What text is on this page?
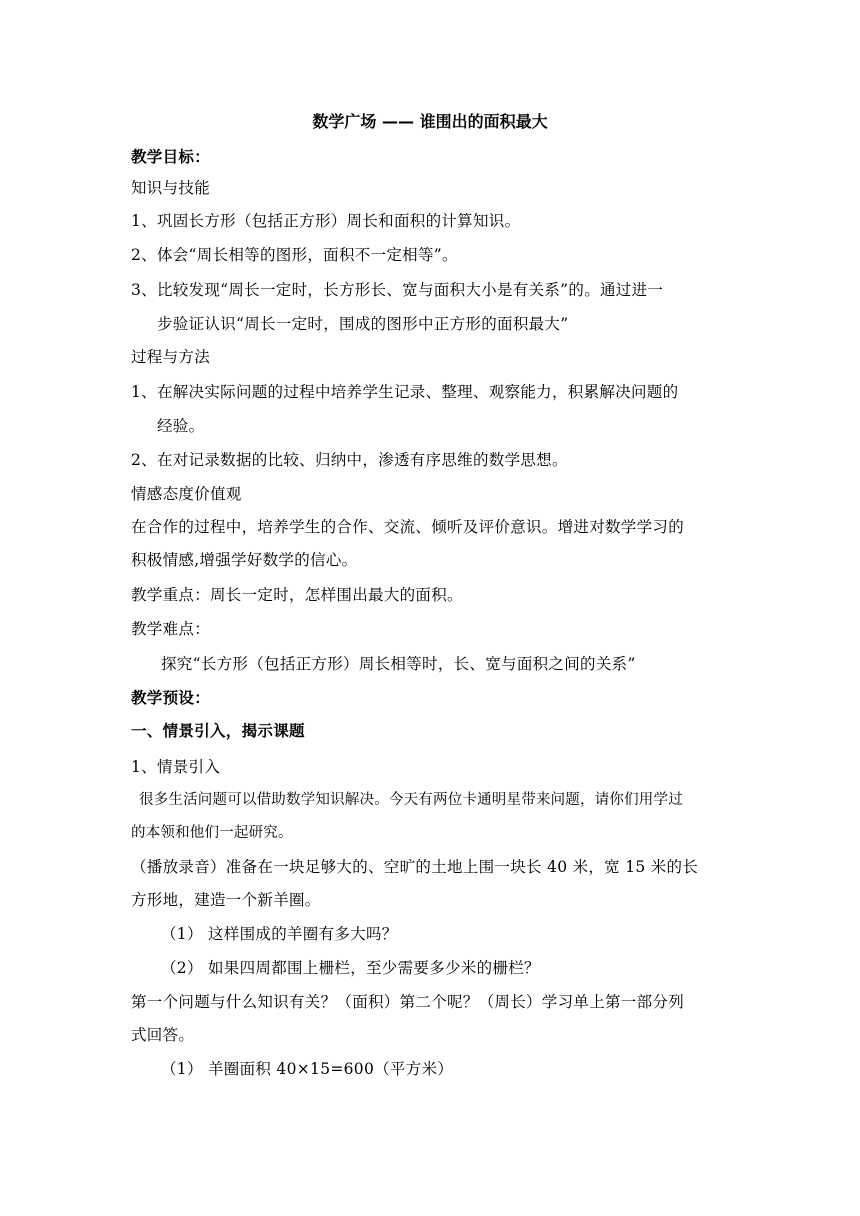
数学广场 —— 谁围出的面积最大
教学目标：
知识与技能
1、巩固长方形（包括正方形）周长和面积的计算知识。
2、体会“周长相等的图形，面积不一定相等”。
3、比较发现“周长一定时，长方形长、宽与面积大小是有关系”的。通过进一
步验证认识“周长一定时，围成的图形中正方形的面积最大”
过程与方法
1、在解决实际问题的过程中培养学生记录、整理、观察能力，积累解决问题的
经验。
2、在对记录数据的比较、归纳中，渗透有序思维的数学思想。
情感态度价值观
在合作的过程中，培养学生的合作、交流、倾听及评价意识。增进对数学学习的
积极情感,增强学好数学的信心。
教学重点：周长一定时，怎样围出最大的面积。
教学难点：
探究“长方形（包括正方形）周长相等时，长、宽与面积之间的关系”
教学预设：
一、情景引入，揭示课题
1、情景引入
很多生活问题可以借助数学知识解决。今天有两位卡通明星带来问题，请你们用学过
的本领和他们一起研究。
（播放录音）准备在一块足够大的、空旷的土地上围一块长 40 米，宽 15 米的长
方形地，建造一个新羊圈。
（1） 这样围成的羊圈有多大吗？
（2） 如果四周都围上栅栏，至少需要多少米的栅栏？
第一个问题与什么知识有关？（面积）第二个呢？（周长）学习单上第一部分列
式回答。
（1） 羊圈面积 40×15=600（平方米）
